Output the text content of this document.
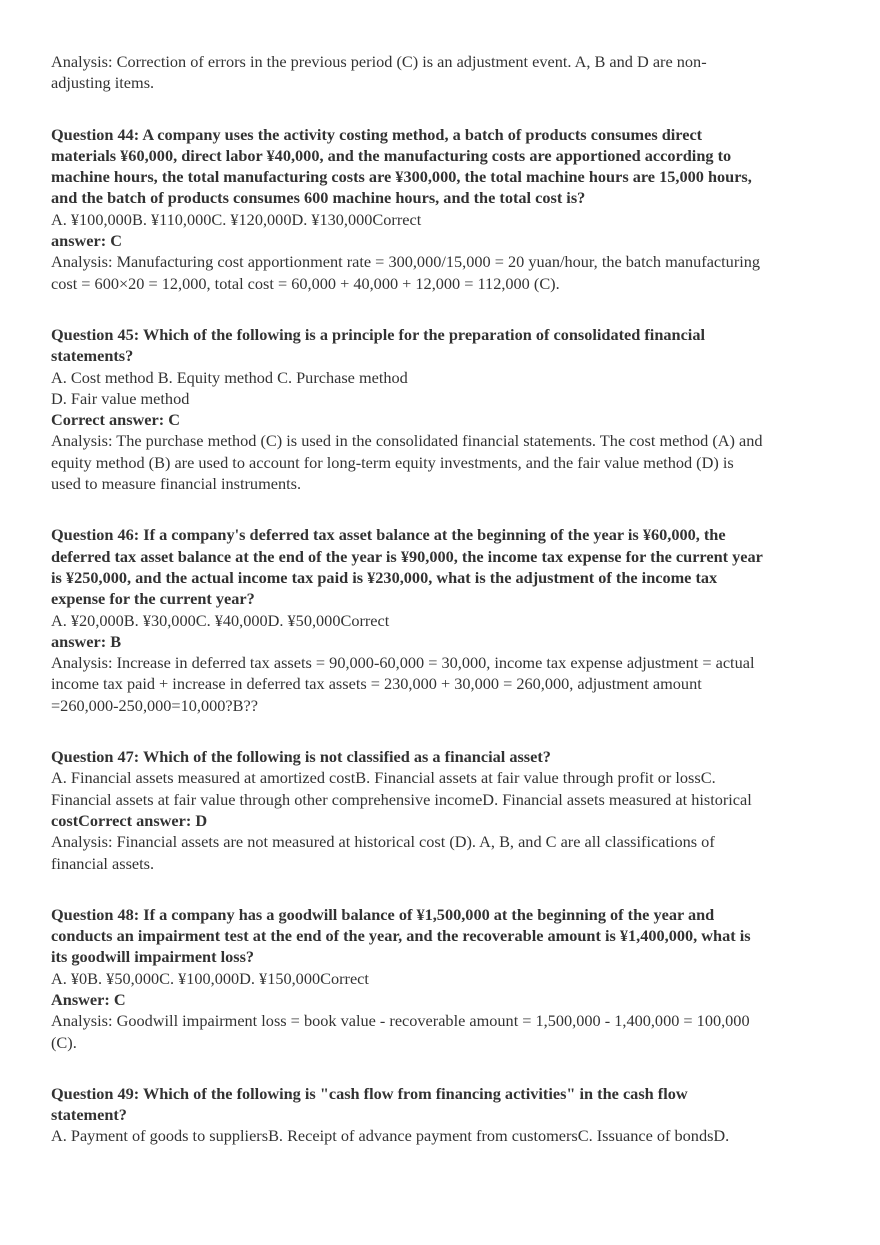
Analysis: Correction of errors in the previous period (C) is an adjustment event. A, B and D are non-
adjusting items.
Question 44: A company uses the activity costing method, a batch of products consumes direct
materials ¥60,000, direct labor ¥40,000, and the manufacturing costs are apportioned according to
machine hours, the total manufacturing costs are ¥300,000, the total machine hours are 15,000 hours,
and the batch of products consumes 600 machine hours, and the total cost is?
A. ¥100,000B. ¥110,000C. ¥120,000D. ¥130,000Correct
answer: C
Analysis: Manufacturing cost apportionment rate = 300,000/15,000 = 20 yuan/hour, the batch manufacturing
cost = 600×20 = 12,000, total cost = 60,000 + 40,000 + 12,000 = 112,000 (C).
Question 45: Which of the following is a principle for the preparation of consolidated financial
statements?
A. Cost method B. Equity method C. Purchase method
D. Fair value method
Correct answer: C
Analysis: The purchase method (C) is used in the consolidated financial statements. The cost method (A) and
equity method (B) are used to account for long-term equity investments, and the fair value method (D) is
used to measure financial instruments.
Question 46: If a company's deferred tax asset balance at the beginning of the year is ¥60,000, the
deferred tax asset balance at the end of the year is ¥90,000, the income tax expense for the current year
is ¥250,000, and the actual income tax paid is ¥230,000, what is the adjustment of the income tax
expense for the current year?
A. ¥20,000B. ¥30,000C. ¥40,000D. ¥50,000Correct
answer: B
Analysis: Increase in deferred tax assets = 90,000-60,000 = 30,000, income tax expense adjustment = actual
income tax paid + increase in deferred tax assets = 230,000 + 30,000 = 260,000, adjustment amount
=260,000-250,000=10,000?B??
Question 47: Which of the following is not classified as a financial asset?
A. Financial assets measured at amortized costB. Financial assets at fair value through profit or lossC.
Financial assets at fair value through other comprehensive incomeD. Financial assets measured at historical
costCorrect answer: D
Analysis: Financial assets are not measured at historical cost (D). A, B, and C are all classifications of
financial assets.
Question 48: If a company has a goodwill balance of ¥1,500,000 at the beginning of the year and
conducts an impairment test at the end of the year, and the recoverable amount is ¥1,400,000, what is
its goodwill impairment loss?
A. ¥0B. ¥50,000C. ¥100,000D. ¥150,000Correct
Answer: C
Analysis: Goodwill impairment loss = book value - recoverable amount = 1,500,000 - 1,400,000 = 100,000
(C).
Question 49: Which of the following is "cash flow from financing activities" in the cash flow
statement?
A. Payment of goods to suppliersB. Receipt of advance payment from customersC. Issuance of bondsD.
